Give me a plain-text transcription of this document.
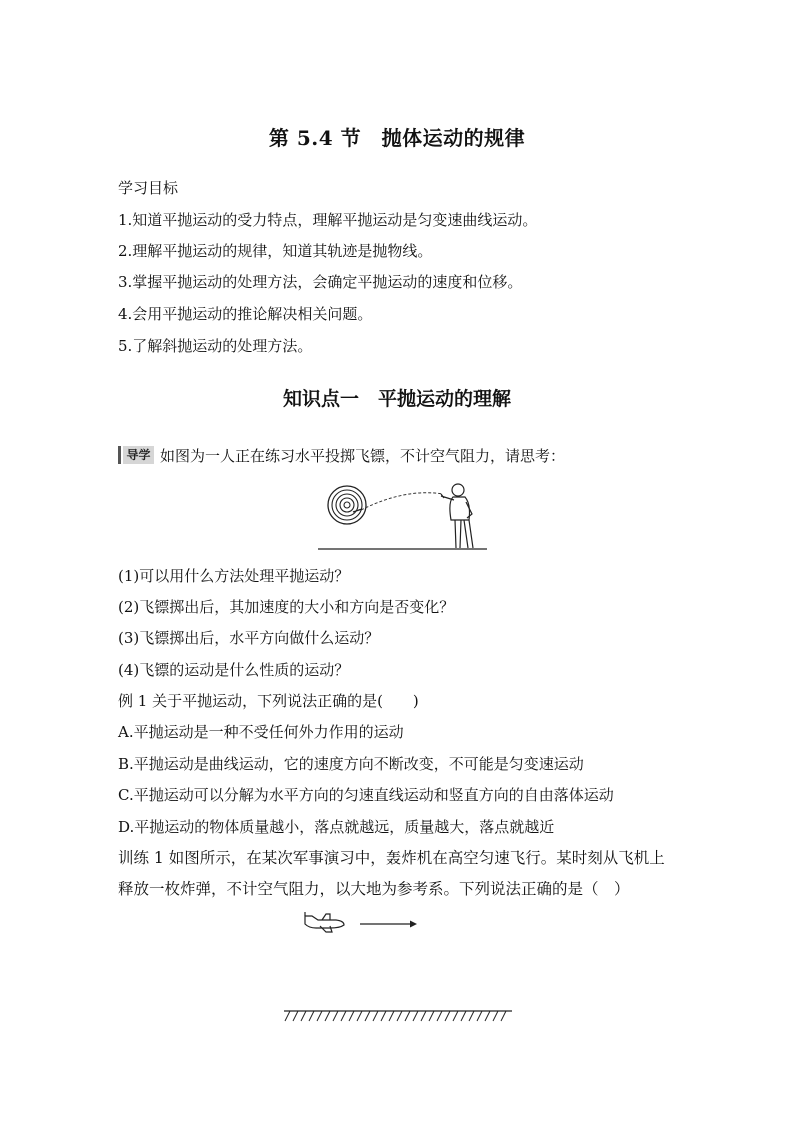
第 5.4 节　抛体运动的规律
学习目标
1.知道平抛运动的受力特点，理解平抛运动是匀变速曲线运动。
2.理解平抛运动的规律，知道其轨迹是抛物线。
3.掌握平抛运动的处理方法，会确定平抛运动的速度和位移。
4.会用平抛运动的推论解决相关问题。
5.了解斜抛运动的处理方法。
知识点一　平抛运动的理解
导学 如图为一人正在练习水平投掷飞镖，不计空气阻力，请思考：
(1)可以用什么方法处理平抛运动？
(2)飞镖掷出后，其加速度的大小和方向是否变化？
(3)飞镖掷出后，水平方向做什么运动？
(4)飞镖的运动是什么性质的运动？
例 1 关于平抛运动，下列说法正确的是(　　)
A.平抛运动是一种不受任何外力作用的运动
B.平抛运动是曲线运动，它的速度方向不断改变，不可能是匀变速运动
C.平抛运动可以分解为水平方向的匀速直线运动和竖直方向的自由落体运动
D.平抛运动的物体质量越小，落点就越远，质量越大，落点就越近
训练 1 如图所示，在某次军事演习中，轰炸机在高空匀速飞行。某时刻从飞机上
释放一枚炸弹，不计空气阻力，以大地为参考系。下列说法正确的是（　）
